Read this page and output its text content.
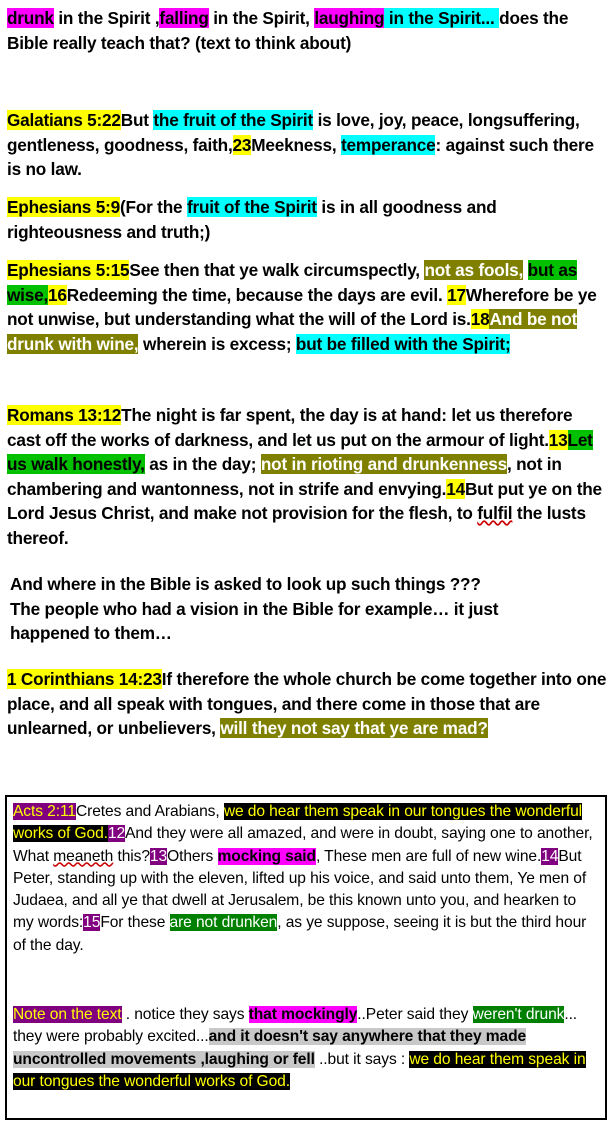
drunk in the Spirit ,falling in the Spirit, laughing in the Spirit... does the Bible really teach that? (text to think about)
Galatians 5:22But the fruit of the Spirit is love, joy, peace, longsuffering, gentleness, goodness, faith,23Meekness, temperance: against such there is no law.
Ephesians 5:9(For the fruit of the Spirit is in all goodness and righteousness and truth;)
Ephesians 5:15See then that ye walk circumspectly, not as fools, but as wise,16Redeeming the time, because the days are evil. 17Wherefore be ye not unwise, but understanding what the will of the Lord is.18And be not drunk with wine, wherein is excess; but be filled with the Spirit;
Romans 13:12The night is far spent, the day is at hand: let us therefore cast off the works of darkness, and let us put on the armour of light.13Let us walk honestly, as in the day; not in rioting and drunkenness, not in chambering and wantonness, not in strife and envying.14But put ye on the Lord Jesus Christ, and make not provision for the flesh, to fulfil the lusts thereof.
And where in the Bible is asked to look up such things ???
The people who had a vision in the Bible for example… it just happened to them…
1 Corinthians 14:23If therefore the whole church be come together into one place, and all speak with tongues, and there come in those that are unlearned, or unbelievers, will they not say that ye are mad?
Acts 2:11Cretes and Arabians, we do hear them speak in our tongues the wonderful works of God.12And they were all amazed, and were in doubt, saying one to another, What meaneth this?13Others mocking said, These men are full of new wine.14But Peter, standing up with the eleven, lifted up his voice, and said unto them, Ye men of Judaea, and all ye that dwell at Jerusalem, be this known unto you, and hearken to my words:15For these are not drunken, as ye suppose, seeing it is but the third hour of the day.
Note on the text . notice they says that mockingly..Peter said they weren't drunk... they were probably excited...and it doesn't say anywhere that they made uncontrolled movements ,laughing or fell ..but it says : we do hear them speak in our tongues the wonderful works of God.
